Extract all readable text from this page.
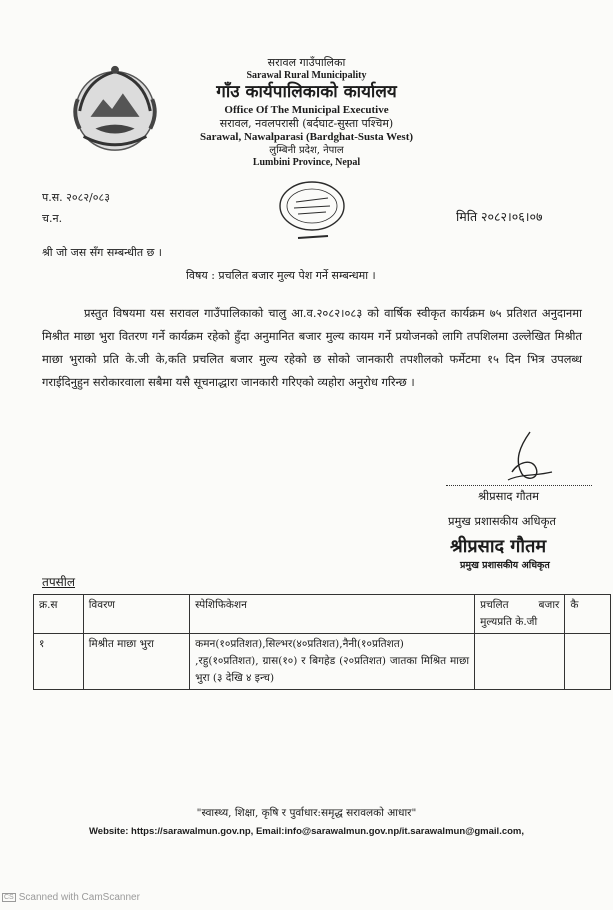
सरावल गाउँपालिका
Sarawal Rural Municipality
गाँउ कार्यपालिकाको कार्यालय
Office Of The Municipal Executive
सरावल, नवलपरासी (बर्दघाट-सुस्ता पश्चिम)
Sarawal, Nawalparasi (Bardghat-Susta West)
लुम्बिनी प्रदेश, नेपाल
Lumbini Province, Nepal
प.स. २०८२/०८३
च.न.	मिति २०८२।०६।०७
श्री जो जस सँग सम्बन्धीत छ ।
विषय : प्रचलित बजार मुल्य पेश गर्ने सम्बन्धमा ।
प्रस्तुत विषयमा यस सरावल गाउँपालिकाको चालु आ.व.२०८२।०८३ को वार्षिक स्वीकृत कार्यक्रम ७५ प्रतिशत अनुदानमा मिश्रीत माछा भुरा वितरण गर्ने कार्यक्रम रहेको हुँदा अनुमानित बजार मुल्य कायम गर्ने प्रयोजनको लागि तपशिलमा उल्लेखित मिश्रीत माछा भुराको प्रति के.जी के,कति प्रचलित बजार मुल्य रहेको छ सोको जानकारी तपशीलको फर्मेटमा १५ दिन भित्र उपलब्ध गराईदिनुहुन सरोकारवाला सबैमा यसै सूचनाद्धारा जानकारी गरिएको व्यहोरा अनुरोध गरिन्छ ।
श्रीप्रसाद गौतम
प्रमुख प्रशासकीय अधिकृत
श्रीप्रसाद गौतम
प्रमुख प्रशासकीय अधिकृत
तपसील
क्र.स	विवरण	स्पेशिफिकेशन	प्रचलित बजार मुल्यप्रति के.जी	कै
१	मिश्रीत माछा भुरा	कमन(१०प्रतिशत),सिल्भर(४०प्रतिशत),नैनी(१०प्रतिशत) ,रहु(१०प्रतिशत), ग्रास(१०) र बिगहेड (२०प्रतिशत) जातका मिश्रित माछा भुरा (३ देखि ४ इन्च)		
"स्वास्थ्य, शिक्षा, कृषि र पुर्वाधार:समृद्ध सरावलको आधार"
Website: https://sarawalmun.gov.np, Email:info@sarawalmun.gov.np/it.sarawalmun@gmail.com,
CS Scanned with CamScanner
